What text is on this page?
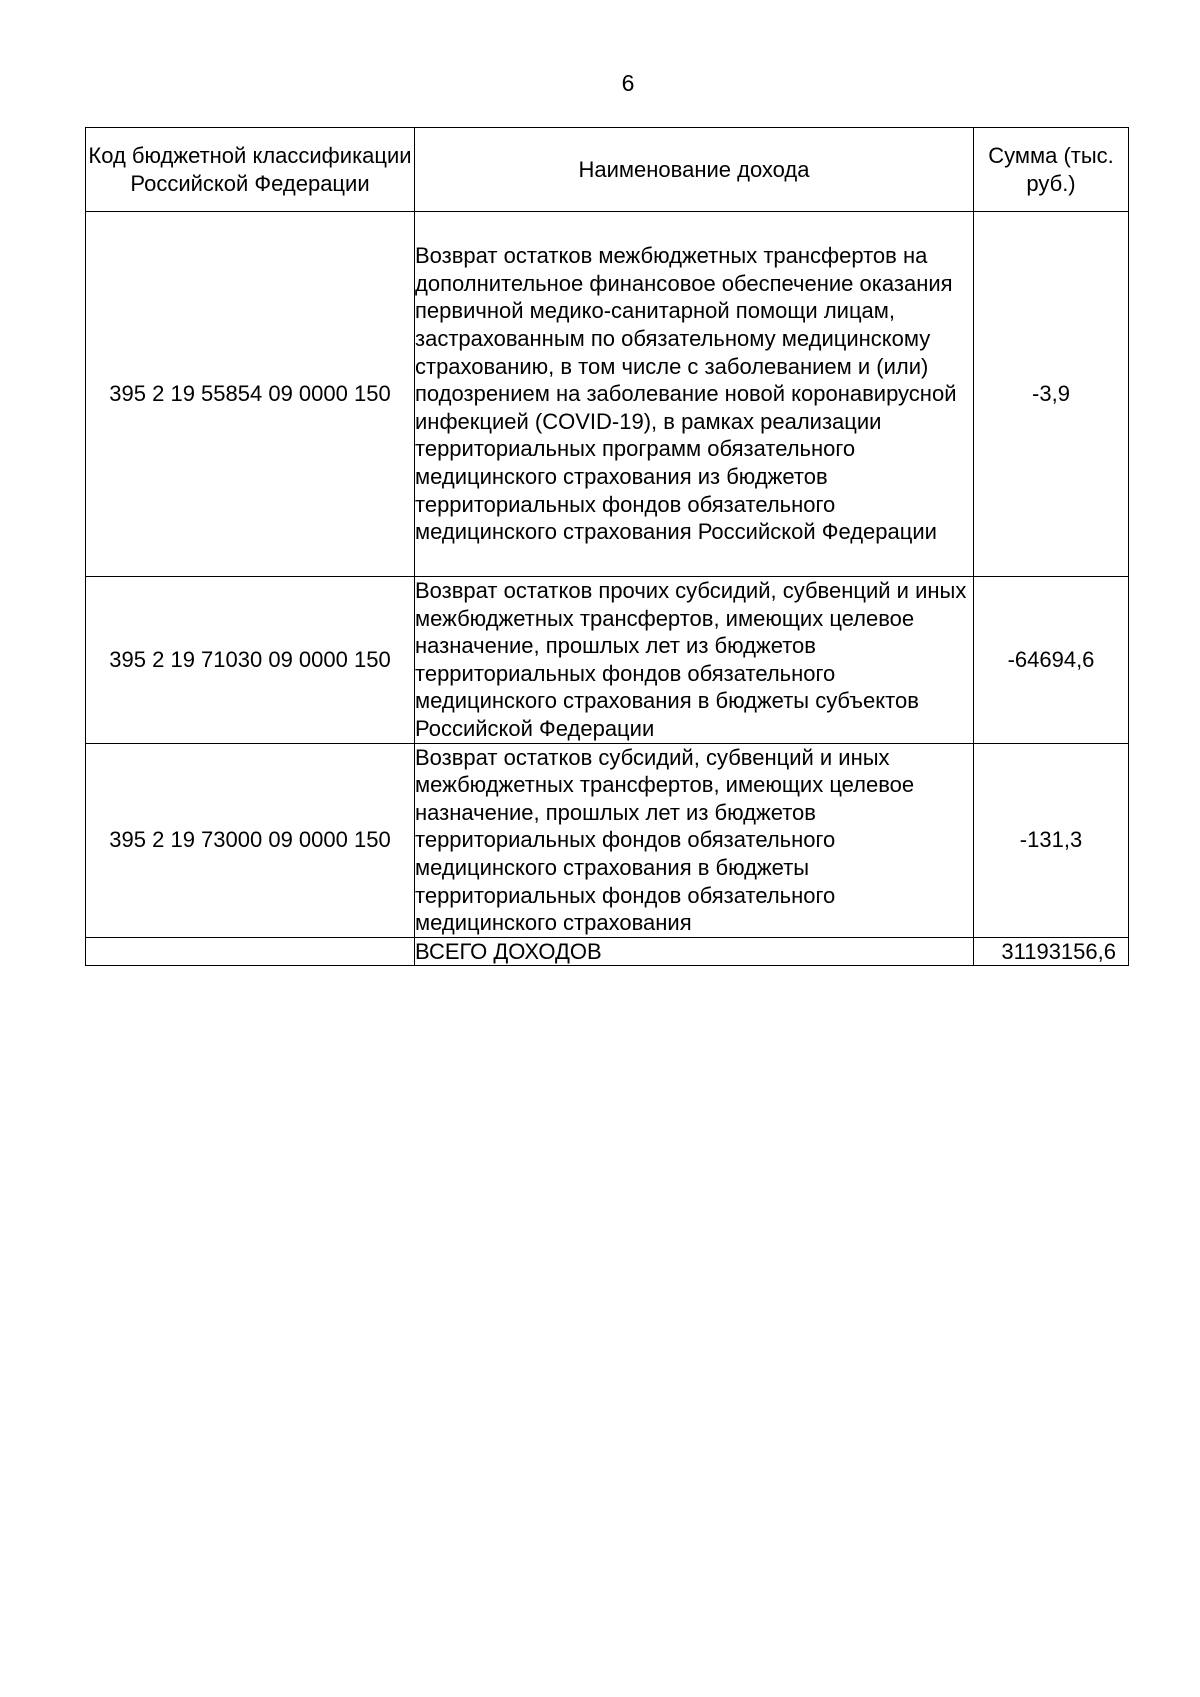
6
Код бюджетной классификации Российской Федерации	Наименование дохода	Сумма (тыс. руб.)
395 2 19 55854 09 0000 150	Возврат остатков межбюджетных трансфертов на дополнительное финансовое обеспечение оказания первичной медико-санитарной помощи лицам, застрахованным по обязательному медицинскому страхованию, в том числе с заболеванием и (или) подозрением на заболевание новой коронавирусной инфекцией (COVID-19), в рамках реализации территориальных программ обязательного медицинского страхования из бюджетов территориальных фондов обязательного медицинского страхования Российской Федерации	-3,9
395 2 19 71030 09 0000 150	Возврат остатков прочих субсидий, субвенций и иных межбюджетных трансфертов, имеющих целевое назначение, прошлых лет из бюджетов территориальных фондов обязательного медицинского страхования в бюджеты субъектов Российской Федерации	-64694,6
395 2 19 73000 09 0000 150	Возврат остатков субсидий, субвенций и иных межбюджетных трансфертов, имеющих целевое назначение, прошлых лет из бюджетов территориальных фондов обязательного медицинского страхования в бюджеты территориальных фондов обязательного медицинского страхования	-131,3
	ВСЕГО ДОХОДОВ	31193156,6
